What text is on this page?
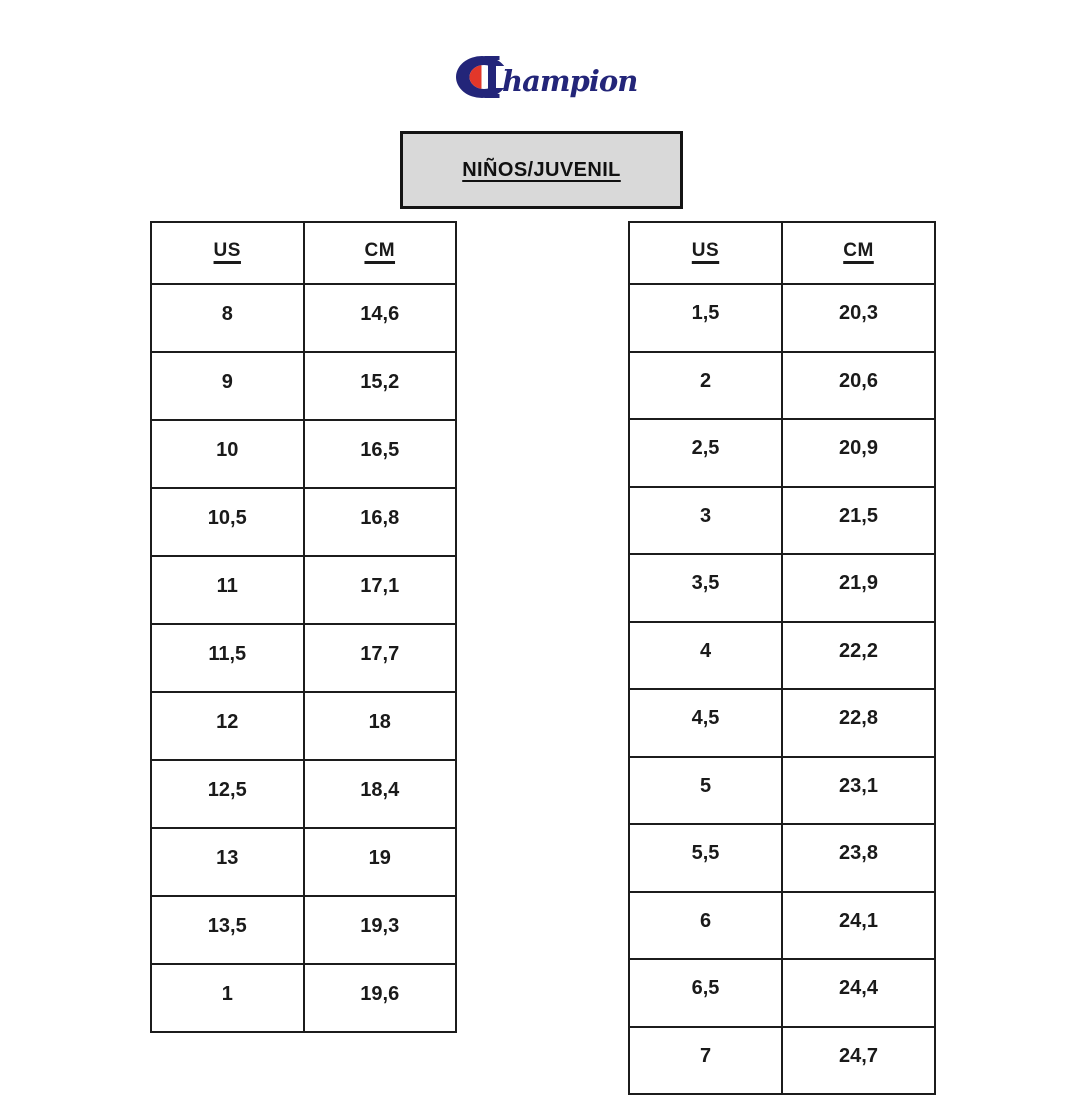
hampion
NIÑOS/JUVENIL
US	CM
8	14,6
9	15,2
10	16,5
10,5	16,8
11	17,1
11,5	17,7
12	18
12,5	18,4
13	19
13,5	19,3
1	19,6
US	CM
1,5	20,3
2	20,6
2,5	20,9
3	21,5
3,5	21,9
4	22,2
4,5	22,8
5	23,1
5,5	23,8
6	24,1
6,5	24,4
7	24,7
